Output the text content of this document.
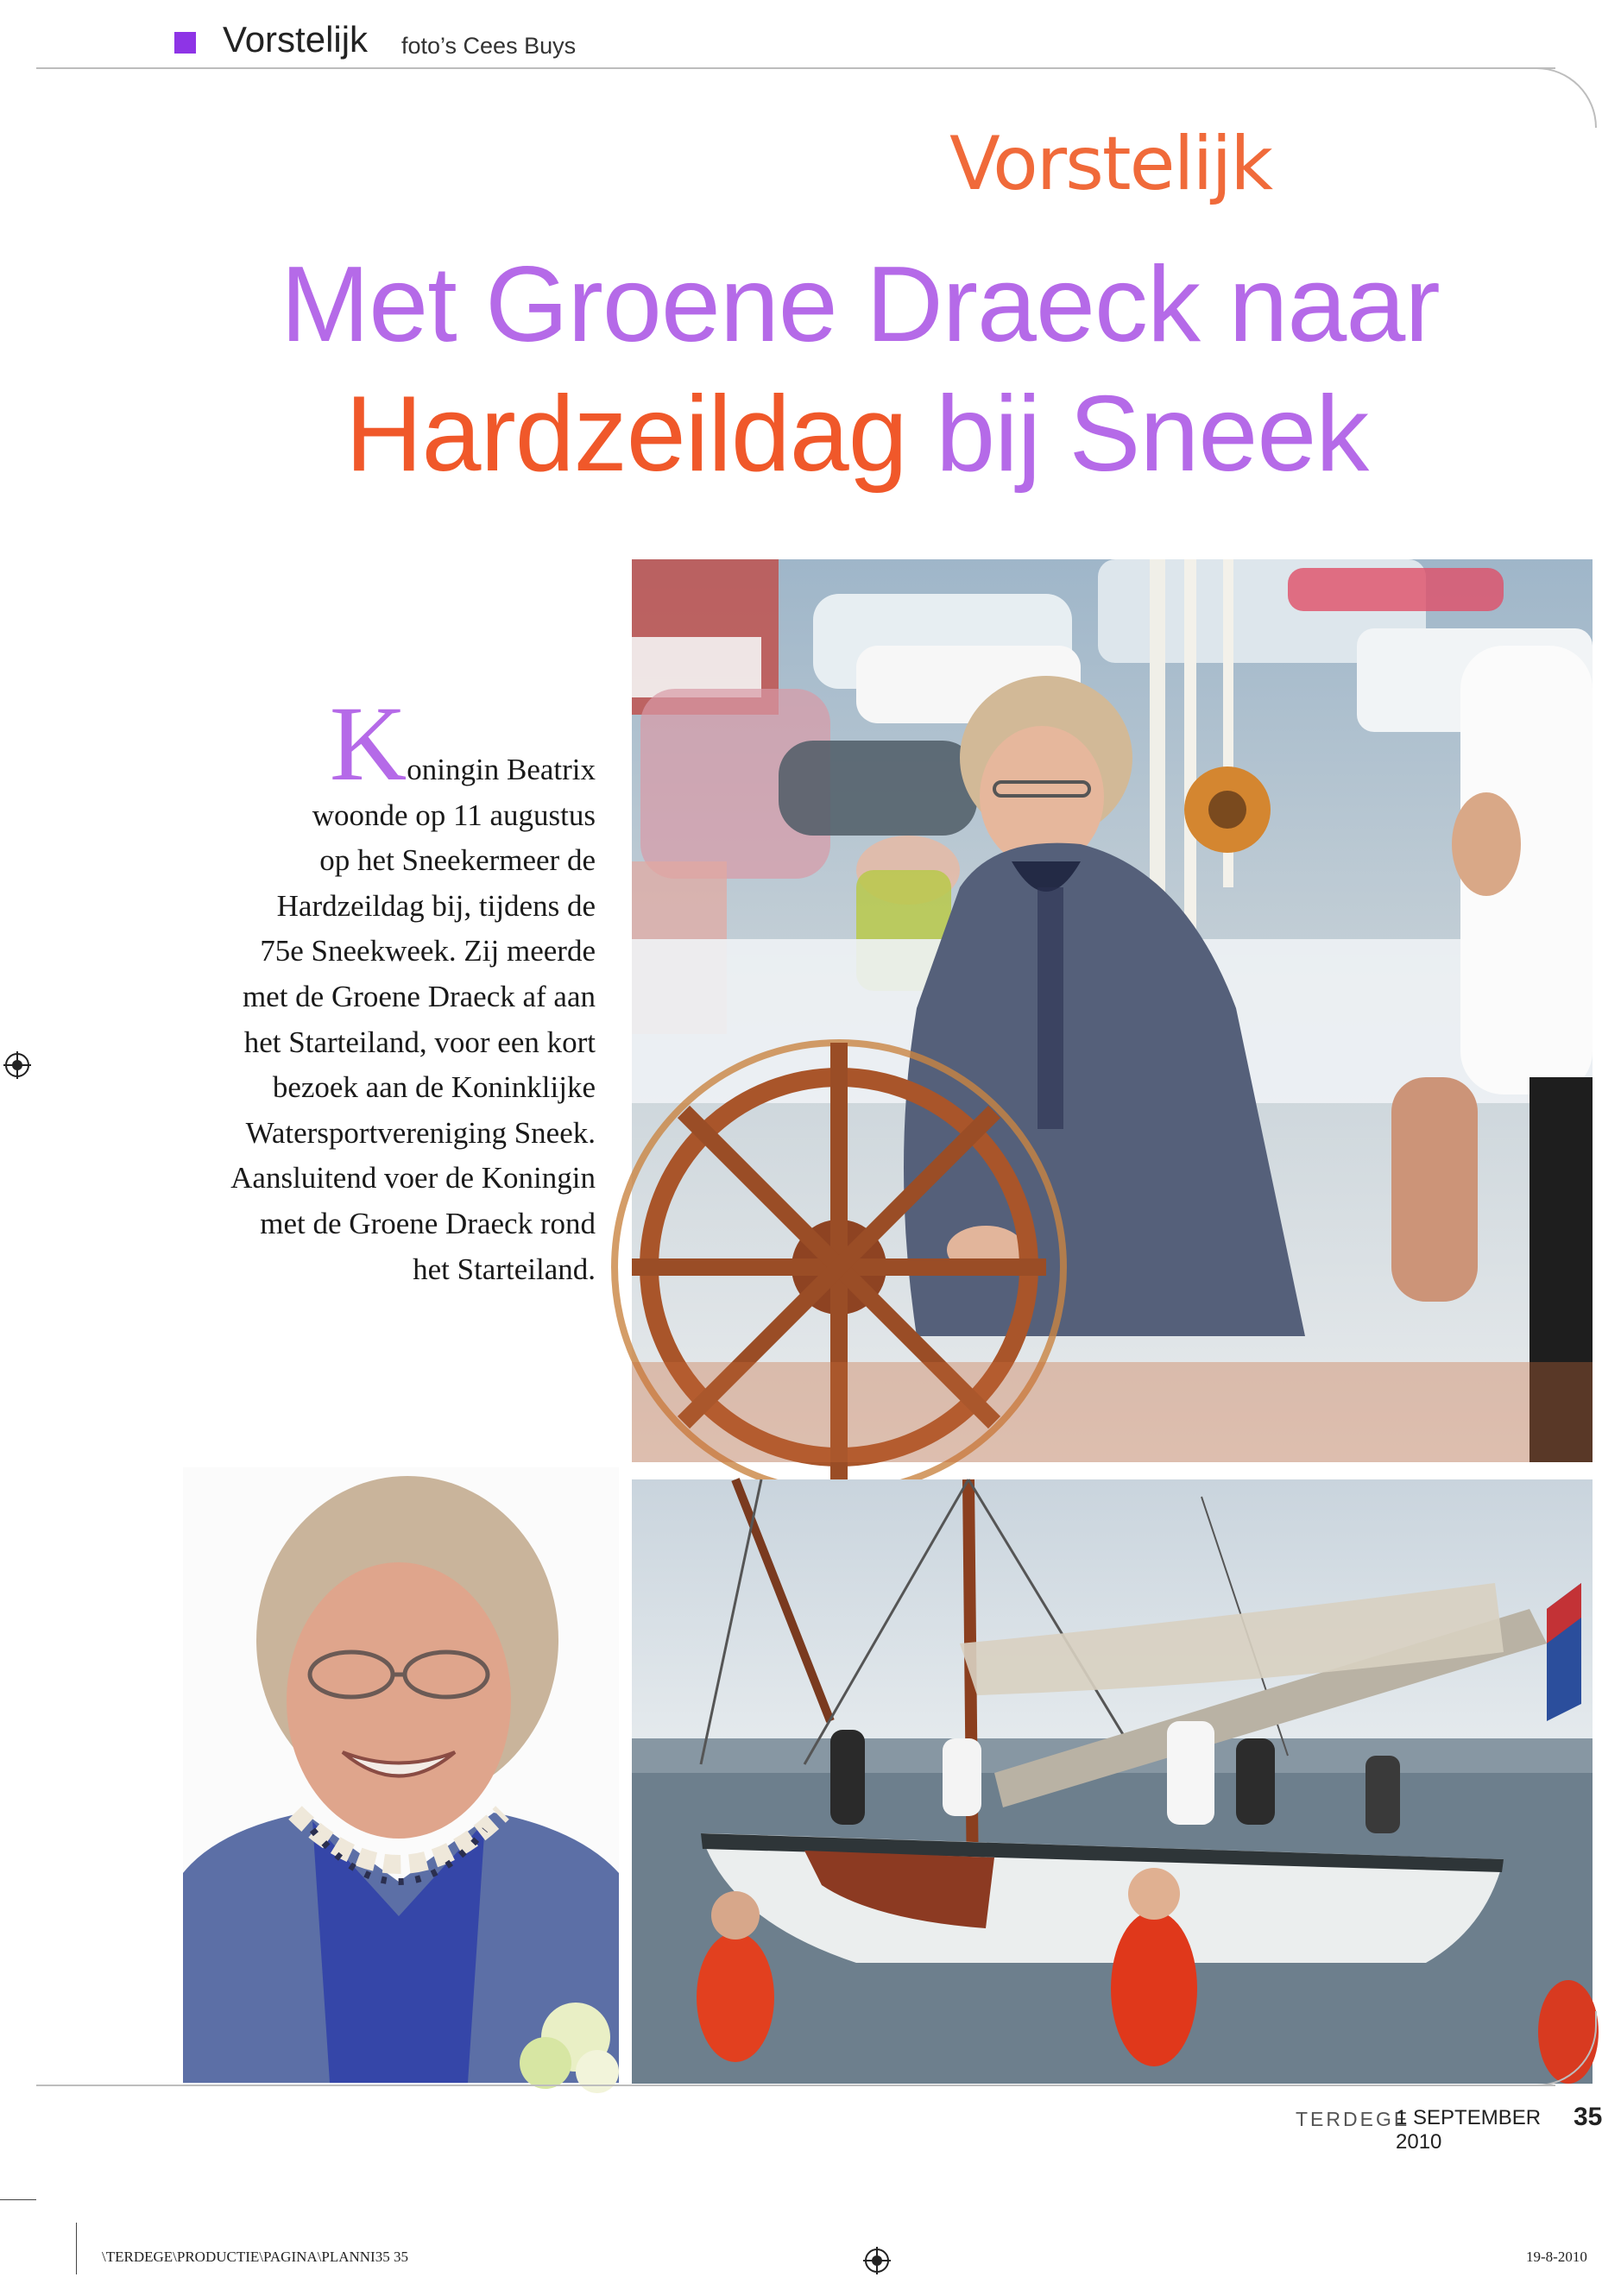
Vorstelijk foto’s Cees Buys
Vorstelijk
Met Groene Draeck naar
Hardzeildag bij Sneek
Koningin Beatrix
woonde op 11 augustus
op het Sneekermeer de
Hardzeildag bij, tijdens de
75e Sneekweek. Zij meerde
met de Groene Draeck af aan
het Starteiland, voor een kort
bezoek aan de Koninklijke
Watersportvereniging Sneek.
Aansluitend voer de Koningin
met de Groene Draeck rond
het Starteiland.
TERDEGE
1 SEPTEMBER 2010
35
\TERDEGE\PRODUCTIE\PAGINA\PLANNI35 35	19-8-2010
